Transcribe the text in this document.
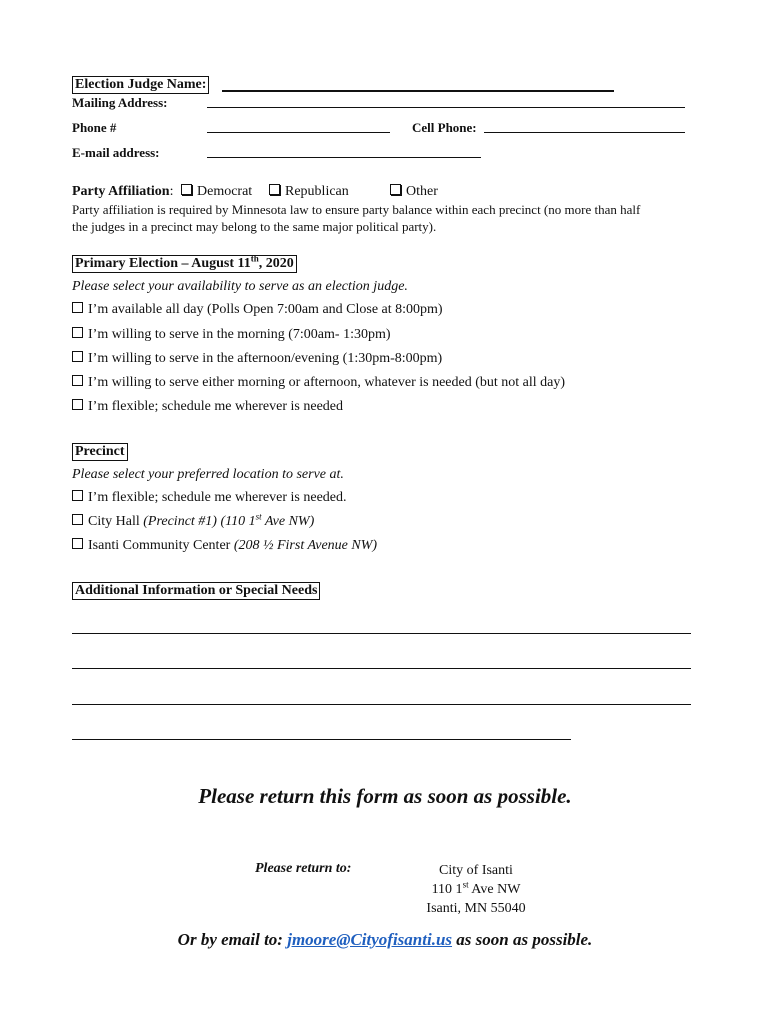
Election Judge Name:
Mailing Address:
Phone #	Cell Phone:
E-mail address:
Party Affiliation: Democrat	Republican	Other
Party affiliation is required by Minnesota law to ensure party balance within each precinct (no more than half
the judges in a precinct may belong to the same major political party).
Primary Election – August 11th, 2020
Please select your availability to serve as an election judge.
I’m available all day (Polls Open 7:00am and Close at 8:00pm)
I’m willing to serve in the morning (7:00am- 1:30pm)
I’m willing to serve in the afternoon/evening (1:30pm-8:00pm)
I’m willing to serve either morning or afternoon, whatever is needed (but not all day)
I’m flexible; schedule me wherever is needed
Precinct
Please select your preferred location to serve at.
I’m flexible; schedule me wherever is needed.
City Hall (Precinct #1) (110 1st Ave NW)
Isanti Community Center (208 ½ First Avenue NW)
Additional Information or Special Needs
Please return this form as soon as possible.
Please return to:	City of Isanti
110 1st Ave NW
Isanti, MN 55040
Or by email to: jmoore@Cityofisanti.us as soon as possible.
